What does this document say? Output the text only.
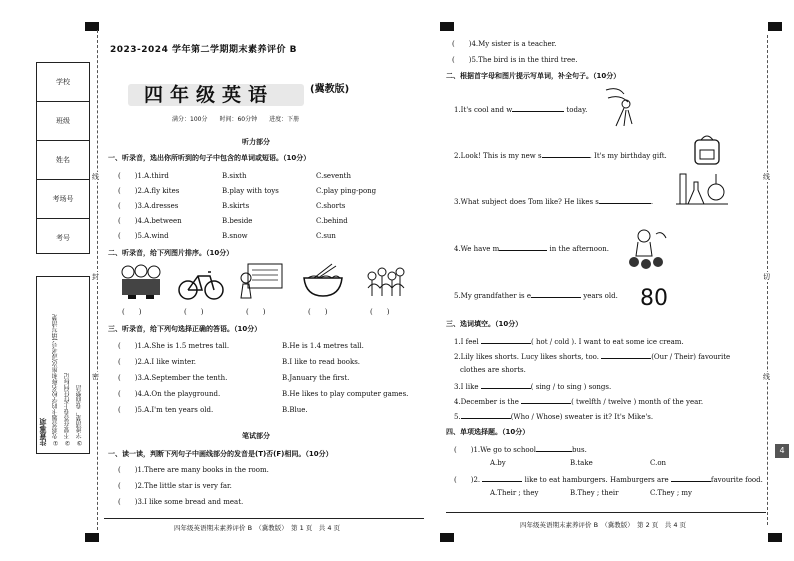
学校
班级
姓名
考场号
考号
注意事项 ①先将答题卡的学校名称和座次(或考号)填写清楚 ②不要在答卷上作任何标记 ③字迹清楚，卷面整洁
线
封
密
线
切
线
4
2023-2024 学年第二学期期末素养评价 B
四年级英语	(冀教版)
满分：100分　　时间：60分钟　　进度：下册
听力部分
一、听录音，选出你所听到的句子中包含的单词或短语。（10分）
(　　)1.A.third	B.sixth	C.seventh
(　　)2.A.fly kites	B.play with toys	C.play ping-pong
(　　)3.A.dresses	B.skirts	C.shorts
(　　)4.A.between	B.beside	C.behind
(　　)5.A.wind	B.snow	C.sun
二、听录音，给下列图片排序。（10分）
(　　)	(　　)	(　　)	(　　)	(　　)
三、听录音，给下列句选择正确的答语。（10分）
(　　)1.A.She is 1.5 metres tall.	B.He is 1.4 metres tall.
(　　)2.A.I like winter.	B.I like to read books.
(　　)3.A.September the tenth.	B.January the first.
(　　)4.A.On the playground.	B.He likes to play computer games.
(　　)5.A.I'm ten years old.	B.Blue.
笔试部分
一、读一读，判断下列句子中画线部分的发音是(T)否(F)相同。（10分）
(　　)1.There are many books in the room.
(　　)2.The little star is very far.
(　　)3.I like some bread and meat.
四年级英语期末素养评价 B　（冀教版）　第 1 页　共 4 页
(　　)4.My sister is a teacher.
(　　)5.The bird is in the third tree.
二、根据首字母和图片提示写单词，补全句子。（10分）
1.It's cool and w	today.
2.Look! This is my new s	. It's my birthday gift.
3.What subject does Tom like? He likes s	.
4.We have m	in the afternoon.
5.My grandfather is e	years old. 80
三、选词填空。（10分）
1.I feel	( hot / cold ). I want to eat some ice cream.
2.Lily likes shorts. Lucy likes shorts, too.	(Our / Their) favourite
clothes are shorts.
3.I like	( sing / to sing ) songs.
4.December is the	( twelfth / twelve ) month of the year.
5.	(Who / Whose) sweater is it? It's Mike's.
四、单项选择题。（10分）
(　　)1.We go to school	bus.
A.by	B.take	C.on
(　　)2.	like to eat hamburgers. Hamburgers are	favourite food.
A.Their ; they	B.They ; their	C.They ; my
四年级英语期末素养评价 B　（冀教版）　第 2 页　共 4 页
